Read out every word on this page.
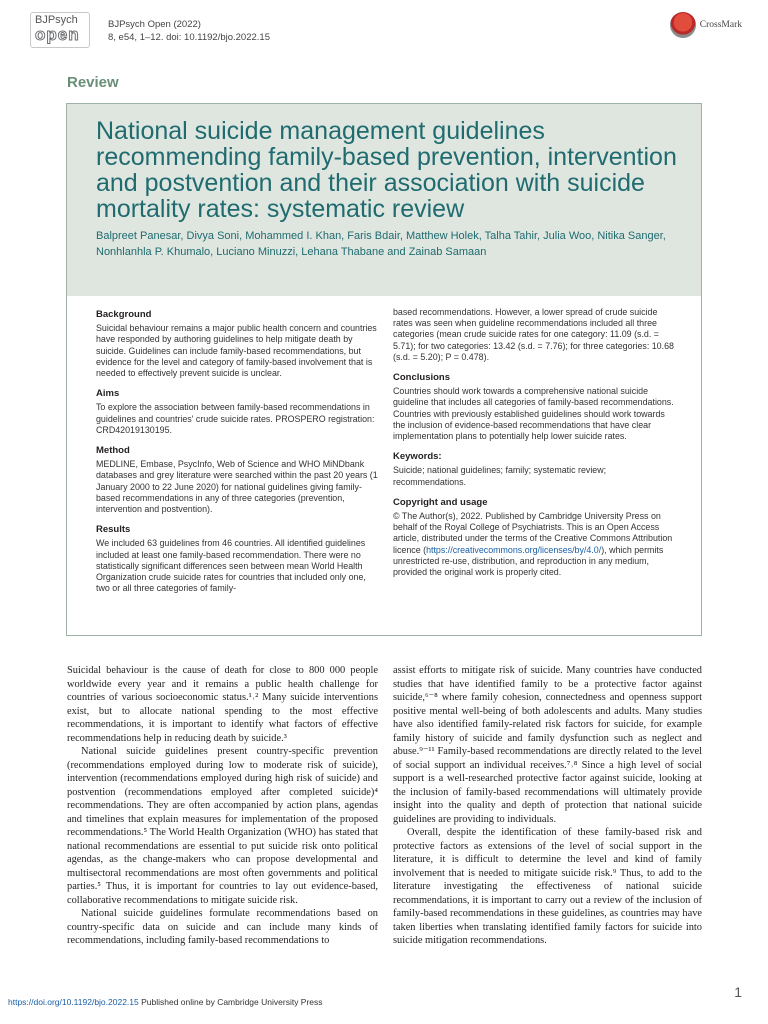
BJPsych
open
BJPsych Open (2022)
8, e54, 1–12. doi: 10.1192/bjo.2022.15
CrossMark
Review
National suicide management guidelines recommending family-based prevention, intervention and postvention and their association with suicide mortality rates: systematic review
Balpreet Panesar, Divya Soni, Mohammed I. Khan, Faris Bdair, Matthew Holek, Talha Tahir, Julia Woo, Nitika Sanger, Nonhlanhla P. Khumalo, Luciano Minuzzi, Lehana Thabane and Zainab Samaan
Background

Suicidal behaviour remains a major public health concern and countries have responded by authoring guidelines to help mitigate death by suicide. Guidelines can include family-based recommendations, but evidence for the level and category of family-based involvement that is needed to effectively prevent suicide is unclear.

Aims

To explore the association between family-based recommendations in guidelines and countries' crude suicide rates. PROSPERO registration: CRD42019130195.

Method

MEDLINE, Embase, PsycInfo, Web of Science and WHO MiNDbank databases and grey literature were searched within the past 20 years (1 January 2000 to 22 June 2020) for national guidelines giving family-based recommendations in any of three categories (prevention, intervention and postvention).

Results

We included 63 guidelines from 46 countries. All identified guidelines included at least one family-based recommendation. There were no statistically significant differences seen between mean World Health Organization crude suicide rates for countries that included only one, two or all three categories of family-

based recommendations. However, a lower spread of crude suicide rates was seen when guideline recommendations included all three categories (mean crude suicide rates for one category: 11.09 (s.d. = 5.71); for two categories: 13.42 (s.d. = 7.76); for three categories: 10.68 (s.d. = 5.20); P = 0.478).

Conclusions

Countries should work towards a comprehensive national suicide guideline that includes all categories of family-based recommendations. Countries with previously established guidelines should work towards the inclusion of evidence-based recommendations that have clear implementation plans to potentially help lower suicide rates.

Keywords:

Suicide; national guidelines; family; systematic review; recommendations.

Copyright and usage

© The Author(s), 2022. Published by Cambridge University Press on behalf of the Royal College of Psychiatrists. This is an Open Access article, distributed under the terms of the Creative Commons Attribution licence (https://creativecommons.org/licenses/by/4.0/), which permits unrestricted re-use, distribution, and reproduction in any medium, provided the original work is properly cited.

Suicidal behaviour is the cause of death for close to 800 000 people worldwide every year and it remains a public health challenge for countries of various socioeconomic status.¹˒² Many suicide interventions exist, but to allocate national spending to the most effective recommendations, it is important to identify what factors of effective recommendations help in reducing death by suicide.³

National suicide guidelines present country-specific prevention (recommendations employed during low to moderate risk of suicide), intervention (recommendations employed during high risk of suicide) and postvention (recommendations employed after completed suicide)⁴ recommendations. They are often accompanied by action plans, agendas and timelines that explain measures for implementation of the proposed recommendations.⁵ The World Health Organization (WHO) has stated that national recommendations are essential to put suicide risk onto political agendas, as the change-makers who can propose developmental and multisectoral recommendations are most often governments and political parties.⁵ Thus, it is important for countries to lay out evidence-based, collaborative recommendations to mitigate suicide risk.

National suicide guidelines formulate recommendations based on country-specific data on suicide and can include many kinds of recommendations, including family-based recommendations to

assist efforts to mitigate risk of suicide. Many countries have conducted studies that have identified family to be a protective factor against suicide,⁶⁻⁸ where family cohesion, connectedness and openness support positive mental well-being of both adolescents and adults. Many studies have also identified family-related risk factors for suicide, for example family history of suicide and family dysfunction such as neglect and abuse.⁹⁻¹¹ Family-based recommendations are directly related to the level of social support an individual receives.⁷˒⁸ Since a high level of social support is a well-researched protective factor against suicide, looking at the inclusion of family-based recommendations will ultimately provide insight into the quality and depth of protection that national suicide guidelines are providing to individuals.

Overall, despite the identification of these family-based risk and protective factors as extensions of the level of social support in the literature, it is difficult to determine the level and kind of family involvement that is needed to mitigate suicide risk.⁹ Thus, to add to the literature investigating the effectiveness of national suicide recommendations, it is important to carry out a review of the inclusion of family-based recommendations in these guidelines, as countries may have taken liberties when translating identified family factors for suicide into suicide mitigation recommendations.

https://doi.org/10.1192/bjo.2022.15 Published online by Cambridge University Press
1
